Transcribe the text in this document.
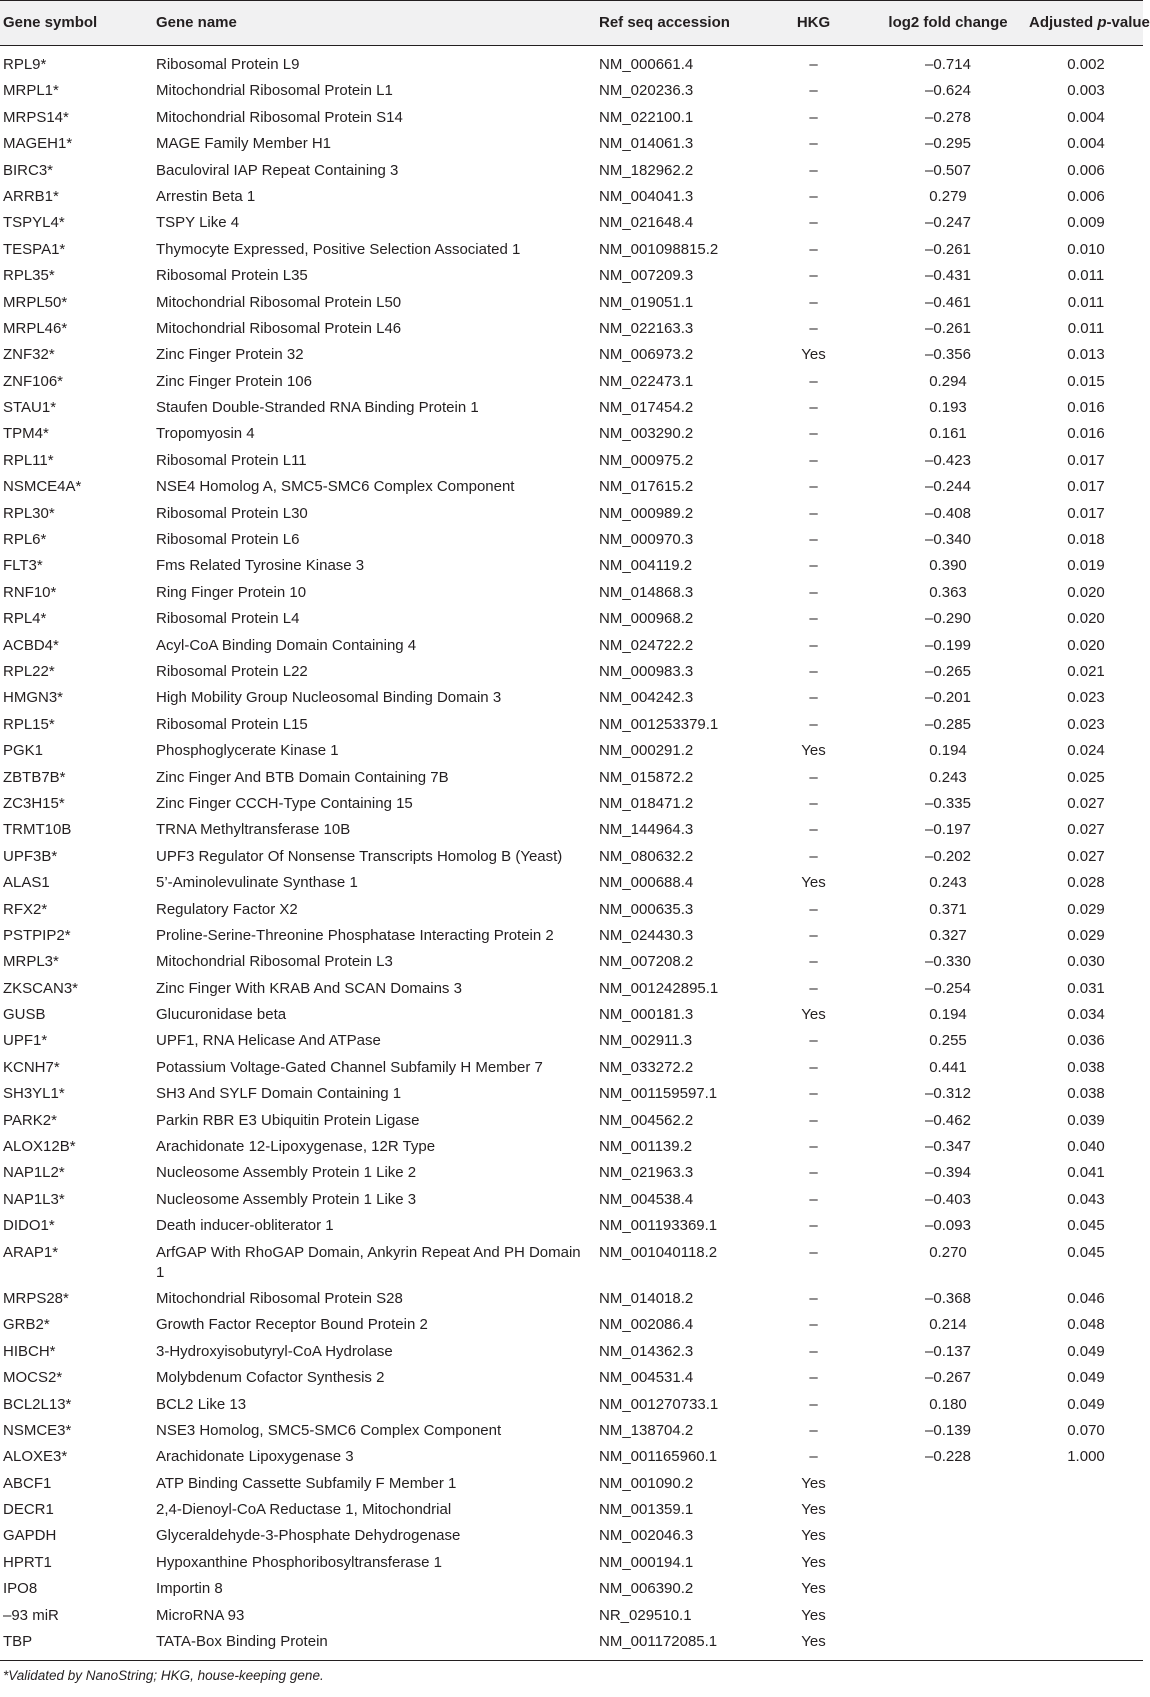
Gene symbol	Gene name	Ref seq accession	HKG	log2 fold change	Adjusted p-value
RPL9*	Ribosomal Protein L9	NM_000661.4	–	–0.714	0.002
MRPL1*	Mitochondrial Ribosomal Protein L1	NM_020236.3	–	–0.624	0.003
MRPS14*	Mitochondrial Ribosomal Protein S14	NM_022100.1	–	–0.278	0.004
MAGEH1*	MAGE Family Member H1	NM_014061.3	–	–0.295	0.004
BIRC3*	Baculoviral IAP Repeat Containing 3	NM_182962.2	–	–0.507	0.006
ARRB1*	Arrestin Beta 1	NM_004041.3	–	0.279	0.006
TSPYL4*	TSPY Like 4	NM_021648.4	–	–0.247	0.009
TESPA1*	Thymocyte Expressed, Positive Selection Associated 1	NM_001098815.2	–	–0.261	0.010
RPL35*	Ribosomal Protein L35	NM_007209.3	–	–0.431	0.011
MRPL50*	Mitochondrial Ribosomal Protein L50	NM_019051.1	–	–0.461	0.011
MRPL46*	Mitochondrial Ribosomal Protein L46	NM_022163.3	–	–0.261	0.011
ZNF32*	Zinc Finger Protein 32	NM_006973.2	Yes	–0.356	0.013
ZNF106*	Zinc Finger Protein 106	NM_022473.1	–	0.294	0.015
STAU1*	Staufen Double-Stranded RNA Binding Protein 1	NM_017454.2	–	0.193	0.016
TPM4*	Tropomyosin 4	NM_003290.2	–	0.161	0.016
RPL11*	Ribosomal Protein L11	NM_000975.2	–	–0.423	0.017
NSMCE4A*	NSE4 Homolog A, SMC5-SMC6 Complex Component	NM_017615.2	–	–0.244	0.017
RPL30*	Ribosomal Protein L30	NM_000989.2	–	–0.408	0.017
RPL6*	Ribosomal Protein L6	NM_000970.3	–	–0.340	0.018
FLT3*	Fms Related Tyrosine Kinase 3	NM_004119.2	–	0.390	0.019
RNF10*	Ring Finger Protein 10	NM_014868.3	–	0.363	0.020
RPL4*	Ribosomal Protein L4	NM_000968.2	–	–0.290	0.020
ACBD4*	Acyl-CoA Binding Domain Containing 4	NM_024722.2	–	–0.199	0.020
RPL22*	Ribosomal Protein L22	NM_000983.3	–	–0.265	0.021
HMGN3*	High Mobility Group Nucleosomal Binding Domain 3	NM_004242.3	–	–0.201	0.023
RPL15*	Ribosomal Protein L15	NM_001253379.1	–	–0.285	0.023
PGK1	Phosphoglycerate Kinase 1	NM_000291.2	Yes	0.194	0.024
ZBTB7B*	Zinc Finger And BTB Domain Containing 7B	NM_015872.2	–	0.243	0.025
ZC3H15*	Zinc Finger CCCH-Type Containing 15	NM_018471.2	–	–0.335	0.027
TRMT10B	TRNA Methyltransferase 10B	NM_144964.3	–	–0.197	0.027
UPF3B*	UPF3 Regulator Of Nonsense Transcripts Homolog B (Yeast)	NM_080632.2	–	–0.202	0.027
ALAS1	5’-Aminolevulinate Synthase 1	NM_000688.4	Yes	0.243	0.028
RFX2*	Regulatory Factor X2	NM_000635.3	–	0.371	0.029
PSTPIP2*	Proline-Serine-Threonine Phosphatase Interacting Protein 2	NM_024430.3	–	0.327	0.029
MRPL3*	Mitochondrial Ribosomal Protein L3	NM_007208.2	–	–0.330	0.030
ZKSCAN3*	Zinc Finger With KRAB And SCAN Domains 3	NM_001242895.1	–	–0.254	0.031
GUSB	Glucuronidase beta	NM_000181.3	Yes	0.194	0.034
UPF1*	UPF1, RNA Helicase And ATPase	NM_002911.3	–	0.255	0.036
KCNH7*	Potassium Voltage-Gated Channel Subfamily H Member 7	NM_033272.2	–	0.441	0.038
SH3YL1*	SH3 And SYLF Domain Containing 1	NM_001159597.1	–	–0.312	0.038
PARK2*	Parkin RBR E3 Ubiquitin Protein Ligase	NM_004562.2	–	–0.462	0.039
ALOX12B*	Arachidonate 12-Lipoxygenase, 12R Type	NM_001139.2	–	–0.347	0.040
NAP1L2*	Nucleosome Assembly Protein 1 Like 2	NM_021963.3	–	–0.394	0.041
NAP1L3*	Nucleosome Assembly Protein 1 Like 3	NM_004538.4	–	–0.403	0.043
DIDO1*	Death inducer-obliterator 1	NM_001193369.1	–	–0.093	0.045
ARAP1*	ArfGAP With RhoGAP Domain, Ankyrin Repeat And PH Domain 1	NM_001040118.2	–	0.270	0.045
MRPS28*	Mitochondrial Ribosomal Protein S28	NM_014018.2	–	–0.368	0.046
GRB2*	Growth Factor Receptor Bound Protein 2	NM_002086.4	–	0.214	0.048
HIBCH*	3-Hydroxyisobutyryl-CoA Hydrolase	NM_014362.3	–	–0.137	0.049
MOCS2*	Molybdenum Cofactor Synthesis 2	NM_004531.4	–	–0.267	0.049
BCL2L13*	BCL2 Like 13	NM_001270733.1	–	0.180	0.049
NSMCE3*	NSE3 Homolog, SMC5-SMC6 Complex Component	NM_138704.2	–	–0.139	0.070
ALOXE3*	Arachidonate Lipoxygenase 3	NM_001165960.1	–	–0.228	1.000
ABCF1	ATP Binding Cassette Subfamily F Member 1	NM_001090.2	Yes		
DECR1	2,4-Dienoyl-CoA Reductase 1, Mitochondrial	NM_001359.1	Yes		
GAPDH	Glyceraldehyde-3-Phosphate Dehydrogenase	NM_002046.3	Yes		
HPRT1	Hypoxanthine Phosphoribosyltransferase 1	NM_000194.1	Yes		
IPO8	Importin 8	NM_006390.2	Yes		
–93 miR	MicroRNA 93	NR_029510.1	Yes		
TBP	TATA-Box Binding Protein	NM_001172085.1	Yes		
*Validated by NanoString; HKG, house-keeping gene.
